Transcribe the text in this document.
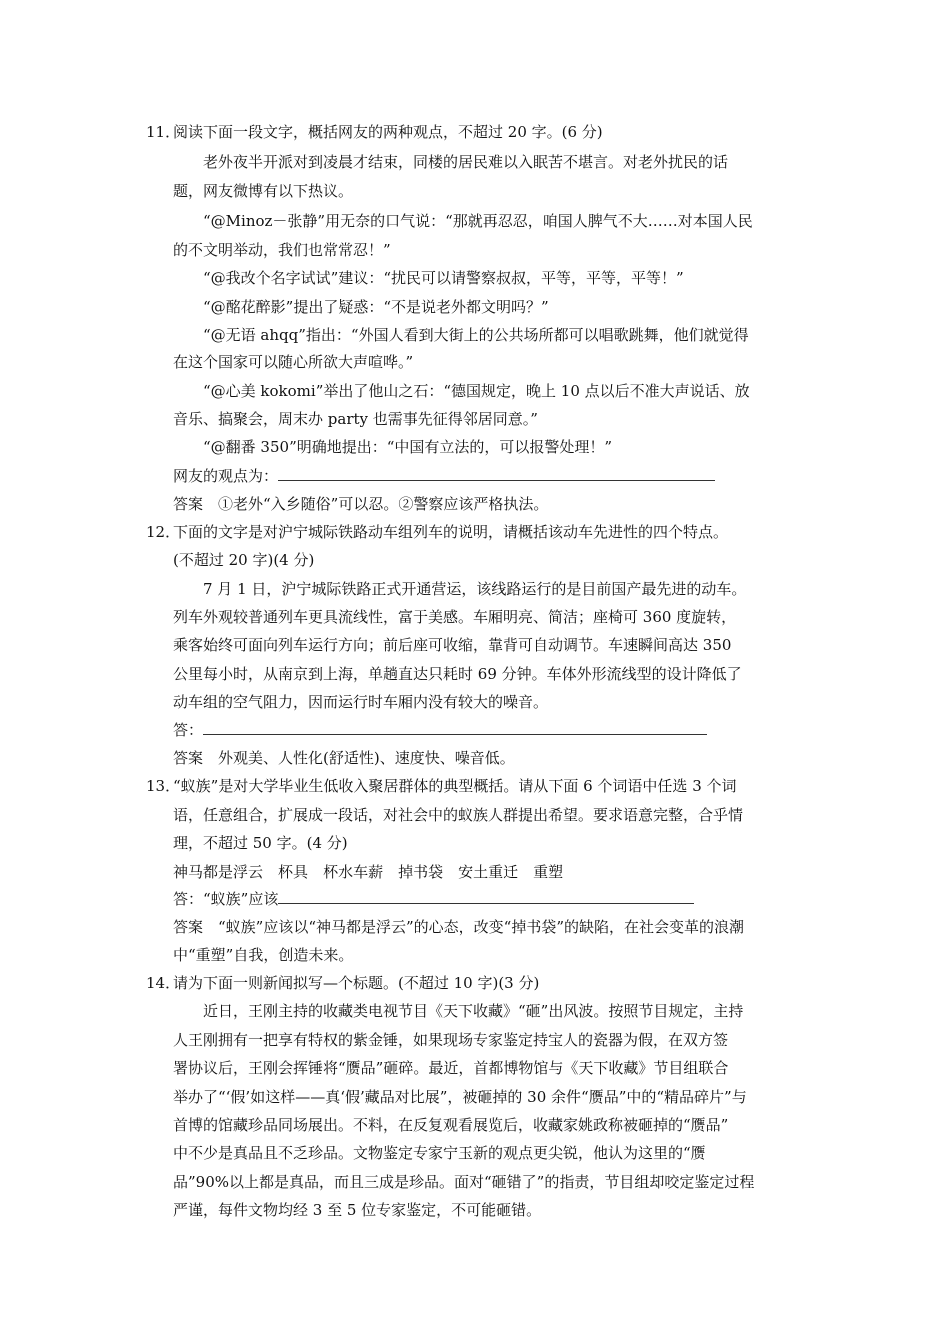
11．
阅读下面一段文字，概括网友的两种观点，不超过 20 字。(6 分)
老外夜半开派对到凌晨才结束，同楼的居民难以入眠苦不堪言。对老外扰民的话
题，网友微博有以下热议。
“@Minoz－张静”用无奈的口气说：“那就再忍忍，咱国人脾气不大……对本国人民
的不文明举动，我们也常常忍！”
“@我改个名字试试”建议：“扰民可以请警察叔叔，平等，平等，平等！”
“@酩花醉影”提出了疑惑：“不是说老外都文明吗？”
“@无语 ahqq”指出：“外国人看到大街上的公共场所都可以唱歌跳舞，他们就觉得
在这个国家可以随心所欲大声喧哗。”
“@心美 kokomi”举出了他山之石：“德国规定，晚上 10 点以后不准大声说话、放
音乐、搞聚会，周末办 party 也需事先征得邻居同意。”
“@翻番 350”明确地提出：“中国有立法的，可以报警处理！”
网友的观点为：
答案　①老外“入乡随俗”可以忍。②警察应该严格执法。
12．
下面的文字是对沪宁城际铁路动车组列车的说明，请概括该动车先进性的四个特点。
(不超过 20 字)(4 分)
7 月 1 日，沪宁城际铁路正式开通营运，该线路运行的是目前国产最先进的动车。
列车外观较普通列车更具流线性，富于美感。车厢明亮、简洁；座椅可 360 度旋转，
乘客始终可面向列车运行方向；前后座可收缩，靠背可自动调节。车速瞬间高达 350
公里每小时，从南京到上海，单趟直达只耗时 69 分钟。车体外形流线型的设计降低了
动车组的空气阻力，因而运行时车厢内没有较大的噪音。
答：
答案　外观美、人性化(舒适性)、速度快、噪音低。
13．
“蚁族”是对大学毕业生低收入聚居群体的典型概括。请从下面 6 个词语中任选 3 个词
语，任意组合，扩展成一段话，对社会中的蚁族人群提出希望。要求语意完整，合乎情
理，不超过 50 字。(4 分)
神马都是浮云　 杯具　 杯水车薪　 掉书袋　 安土重迁　 重塑
答：“蚁族”应该
答案　“蚁族”应该以“神马都是浮云”的心态，改变“掉书袋”的缺陷，在社会变革的浪潮
中“重塑”自我，创造未来。
14．
请为下面一则新闻拟写—个标题。(不超过 10 字)(3 分)
近日，王刚主持的收藏类电视节目《天下收藏》“砸”出风波。按照节目规定，主持
人王刚拥有一把享有特权的紫金锤，如果现场专家鉴定持宝人的瓷器为假，在双方签
署协议后，王刚会挥锤将“赝品”砸碎。最近，首都博物馆与《天下收藏》节目组联合
举办了“‘假’如这样——真‘假’藏品对比展”，被砸掉的 30 余件“赝品”中的“精品碎片”与
首博的馆藏珍品同场展出。不料，在反复观看展览后，收藏家姚政称被砸掉的“赝品”
中不少是真品且不乏珍品。文物鉴定专家宁玉新的观点更尖锐，他认为这里的“赝
品”90%以上都是真品，而且三成是珍品。面对“砸错了”的指责，节目组却咬定鉴定过程
严谨，每件文物均经 3 至 5 位专家鉴定，不可能砸错。
